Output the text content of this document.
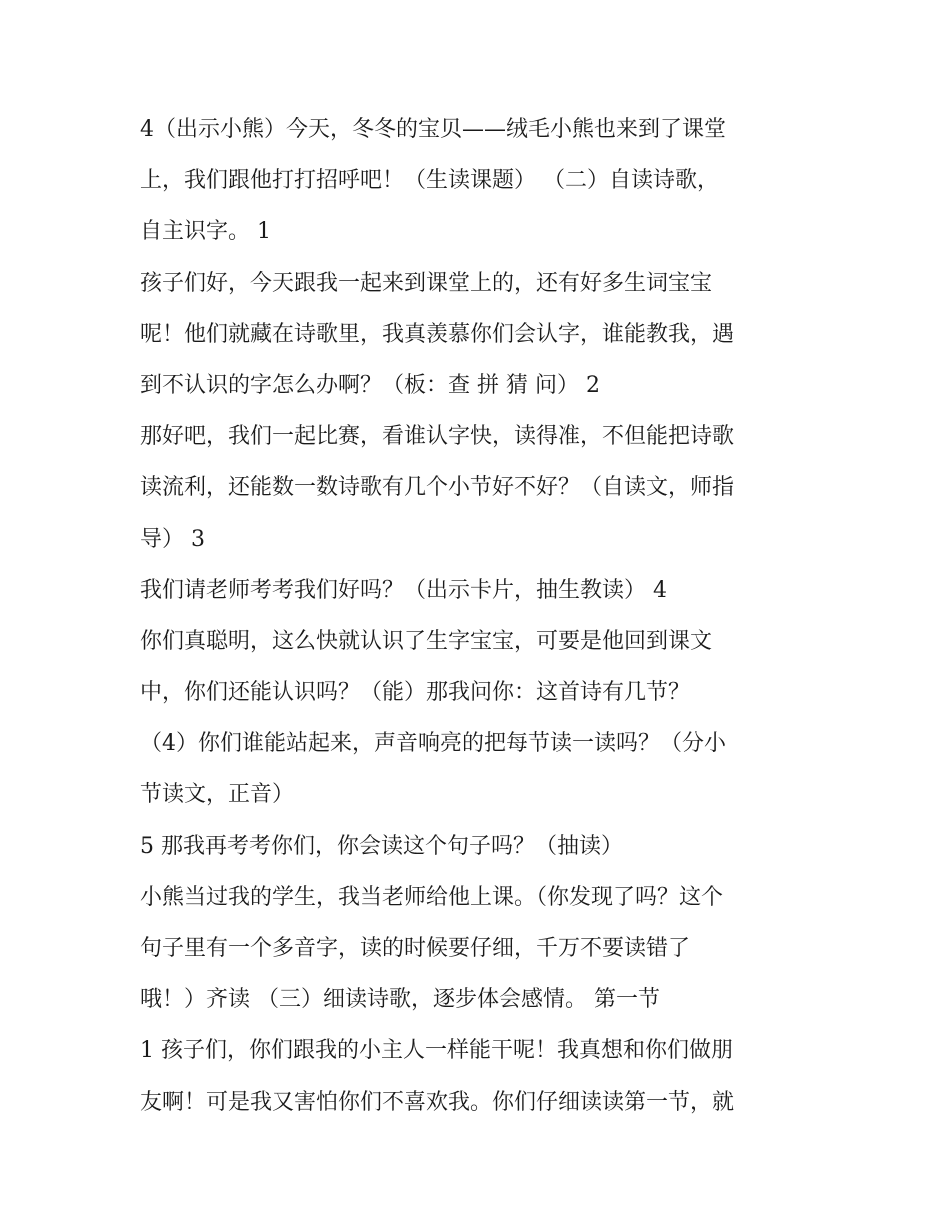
4（出示小熊）今天，冬冬的宝贝——绒毛小熊也来到了课堂
上，我们跟他打打招呼吧！（生读课题） （二）自读诗歌，
自主识字。 1
孩子们好，今天跟我一起来到课堂上的，还有好多生词宝宝
呢！他们就藏在诗歌里，我真羡慕你们会认字，谁能教我，遇
到不认识的字怎么办啊？（板：查 拼 猜 问） 2
那好吧，我们一起比赛，看谁认字快，读得准，不但能把诗歌
读流利，还能数一数诗歌有几个小节好不好？（自读文，师指
导） 3
我们请老师考考我们好吗？（出示卡片，抽生教读） 4
你们真聪明，这么快就认识了生字宝宝，可要是他回到课文
中，你们还能认识吗？（能）那我问你：这首诗有几节？
（4）你们谁能站起来，声音响亮的把每节读一读吗？（分小
节读文，正音）
5 那我再考考你们，你会读这个句子吗？（抽读）
小熊当过我的学生，我当老师给他上课。（你发现了吗？这个
句子里有一个多音字，读的时候要仔细，千万不要读错了
哦！）齐读 （三）细读诗歌，逐步体会感情。 第一节
1 孩子们，你们跟我的小主人一样能干呢！我真想和你们做朋
友啊！可是我又害怕你们不喜欢我。你们仔细读读第一节，就
